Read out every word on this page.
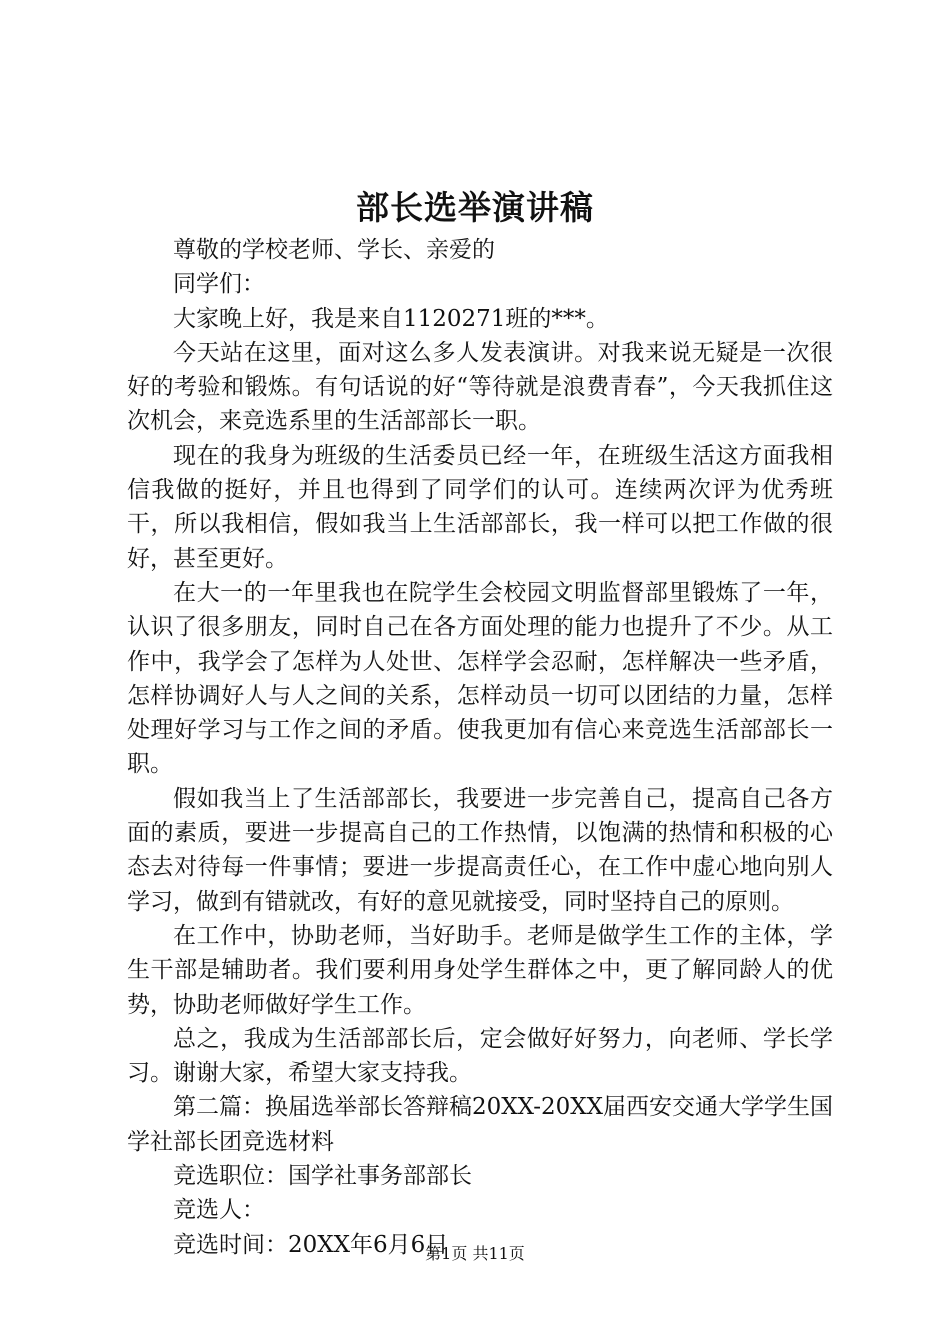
部长选举演讲稿

尊敬的学校老师、学长、亲爱的

同学们：

大家晚上好，我是来自1120271班的***。

今天站在这里，面对这么多人发表演讲。对我来说无疑是一次很好的考验和锻炼。有句话说的好“等待就是浪费青春”，今天我抓住这次机会，来竞选系里的生活部部长一职。

现在的我身为班级的生活委员已经一年，在班级生活这方面我相信我做的挺好，并且也得到了同学们的认可。连续两次评为优秀班干，所以我相信，假如我当上生活部部长，我一样可以把工作做的很好，甚至更好。

在大一的一年里我也在院学生会校园文明监督部里锻炼了一年，认识了很多朋友，同时自己在各方面处理的能力也提升了不少。从工作中，我学会了怎样为人处世、怎样学会忍耐，怎样解决一些矛盾，怎样协调好人与人之间的关系，怎样动员一切可以团结的力量，怎样处理好学习与工作之间的矛盾。使我更加有信心来竞选生活部部长一职。

假如我当上了生活部部长，我要进一步完善自己，提高自己各方面的素质，要进一步提高自己的工作热情，以饱满的热情和积极的心态去对待每一件事情；要进一步提高责任心，在工作中虚心地向别人学习，做到有错就改，有好的意见就接受，同时坚持自己的原则。

在工作中，协助老师，当好助手。老师是做学生工作的主体，学生干部是辅助者。我们要利用身处学生群体之中，更了解同龄人的优势，协助老师做好学生工作。

总之，我成为生活部部长后，定会做好好努力，向老师、学长学习。谢谢大家，希望大家支持我。

第二篇：换届选举部长答辩稿20XX-20XX届西安交通大学学生国学社部长团竞选材料

竞选职位：国学社事务部部长

竞选人：

竞选时间：20XX年6月6日

第1页 共11页
